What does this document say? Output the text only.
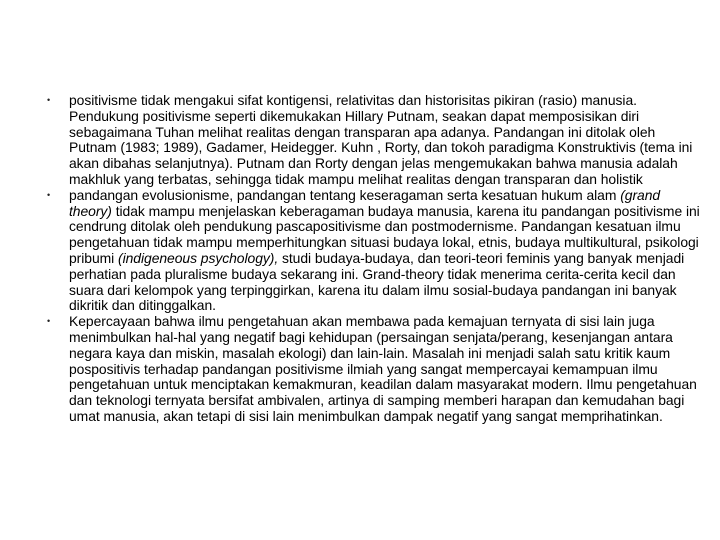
•	positivisme tidak mengakui sifat kontigensi, relativitas dan historisitas pikiran (rasio) manusia. Pendukung positivisme seperti dikemukakan Hillary Putnam, seakan dapat memposisikan diri sebagaimana Tuhan melihat realitas dengan transparan apa adanya. Pandangan ini ditolak oleh Putnam (1983; 1989), Gadamer, Heidegger. Kuhn , Rorty, dan tokoh paradigma Konstruktivis (tema ini akan dibahas selanjutnya). Putnam dan Rorty dengan jelas mengemukakan bahwa manusia adalah makhluk yang terbatas, sehingga tidak mampu melihat realitas dengan transparan dan holistik
•	pandangan evolusionisme, pandangan tentang keseragaman serta kesatuan hukum alam (grand theory) tidak mampu menjelaskan keberagaman budaya manusia, karena itu pandangan positivisme ini cendrung ditolak oleh pendukung pascapositivisme dan postmodernisme. Pandangan kesatuan ilmu pengetahuan tidak mampu memperhitungkan situasi budaya lokal, etnis, budaya multikultural, psikologi pribumi (indigeneous psychology), studi budaya-budaya, dan teori-teori feminis yang banyak menjadi perhatian pada pluralisme budaya sekarang ini. Grand-theory tidak menerima cerita-cerita kecil dan suara dari kelompok yang terpinggirkan, karena itu dalam ilmu sosial-budaya pandangan ini banyak dikritik dan ditinggalkan.
•	Kepercayaan bahwa ilmu pengetahuan akan membawa pada kemajuan ternyata di sisi lain juga menimbulkan hal-hal yang negatif bagi kehidupan (persaingan senjata/perang, kesenjangan antara negara kaya dan miskin, masalah ekologi) dan lain-lain. Masalah ini menjadi salah satu kritik kaum pospositivis terhadap pandangan positivisme ilmiah yang sangat mempercayai kemampuan ilmu pengetahuan untuk menciptakan kemakmuran, keadilan dalam masyarakat modern. Ilmu pengetahuan dan teknologi ternyata bersifat ambivalen, artinya di samping memberi harapan dan kemudahan bagi umat manusia, akan tetapi di sisi lain menimbulkan dampak negatif yang sangat memprihatinkan.
